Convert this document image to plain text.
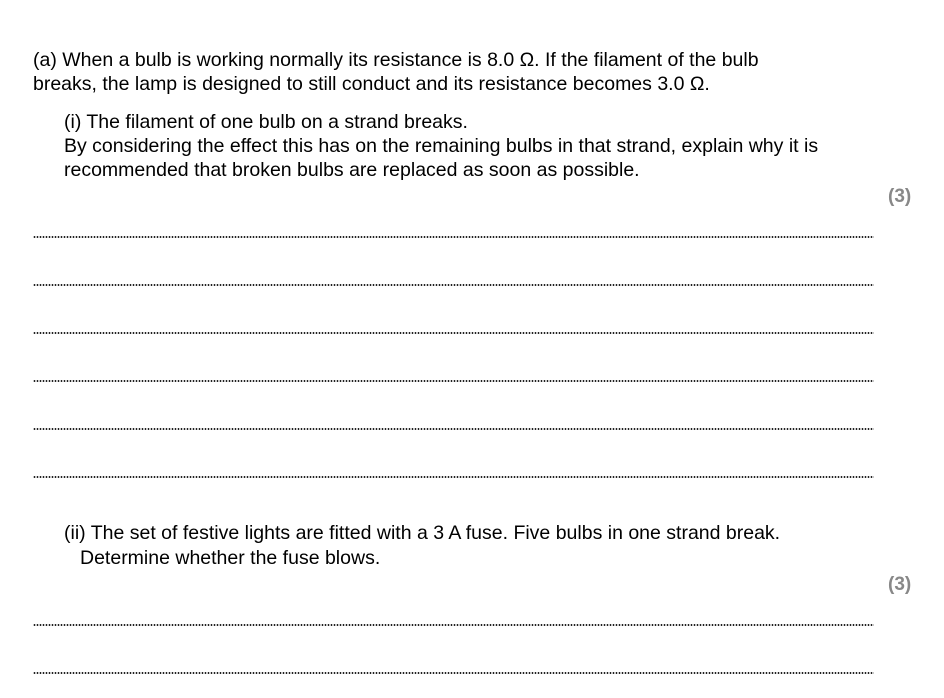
(a) When a bulb is working normally its resistance is 8.0 Ω. If the filament of the bulb
breaks, the lamp is designed to still conduct and its resistance becomes 3.0 Ω.
(i) The filament of one bulb on a strand breaks.
By considering the effect this has on the remaining bulbs in that strand, explain why it is
recommended that broken bulbs are replaced as soon as possible.
(3)
(ii) The set of festive lights are fitted with a 3 A fuse. Five bulbs in one strand break.
Determine whether the fuse blows.
(3)
